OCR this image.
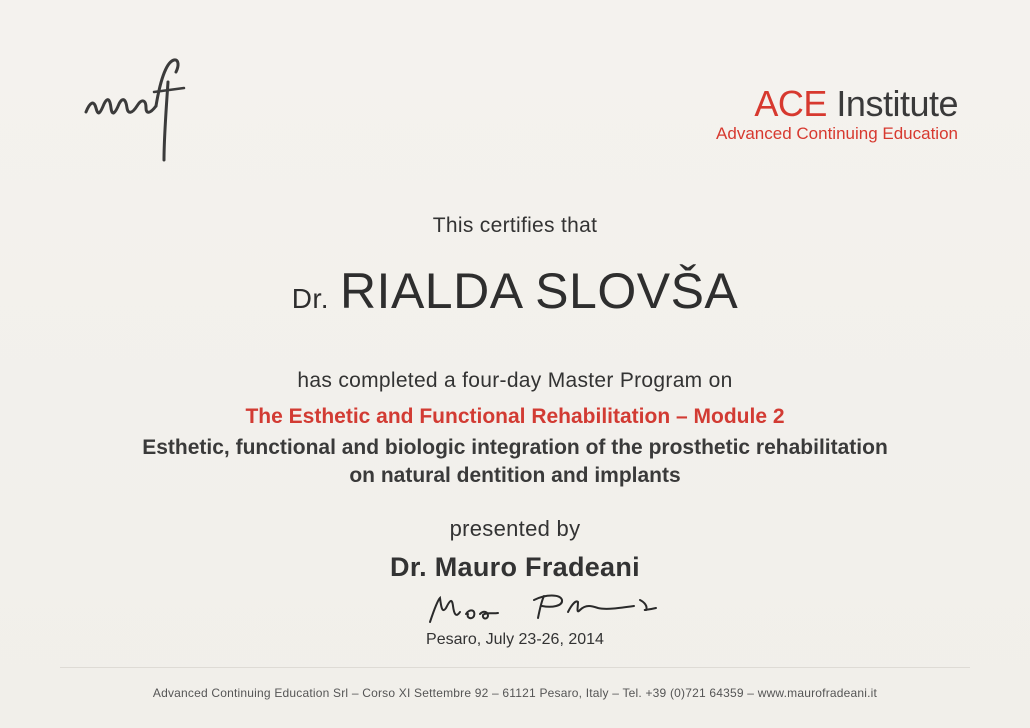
ACE Institute
Advanced Continuing Education
This certifies that
Dr. RIALDA SLOVŠA
has completed a four-day Master Program on
The Esthetic and Functional Rehabilitation – Module 2
Esthetic, functional and biologic integration of the prosthetic rehabilitation
on natural dentition and implants
presented by
Dr. Mauro Fradeani
Pesaro, July 23-26, 2014
Advanced Continuing Education Srl – Corso XI Settembre 92 – 61121 Pesaro, Italy – Tel. +39 (0)721 64359 – www.maurofradeani.it
